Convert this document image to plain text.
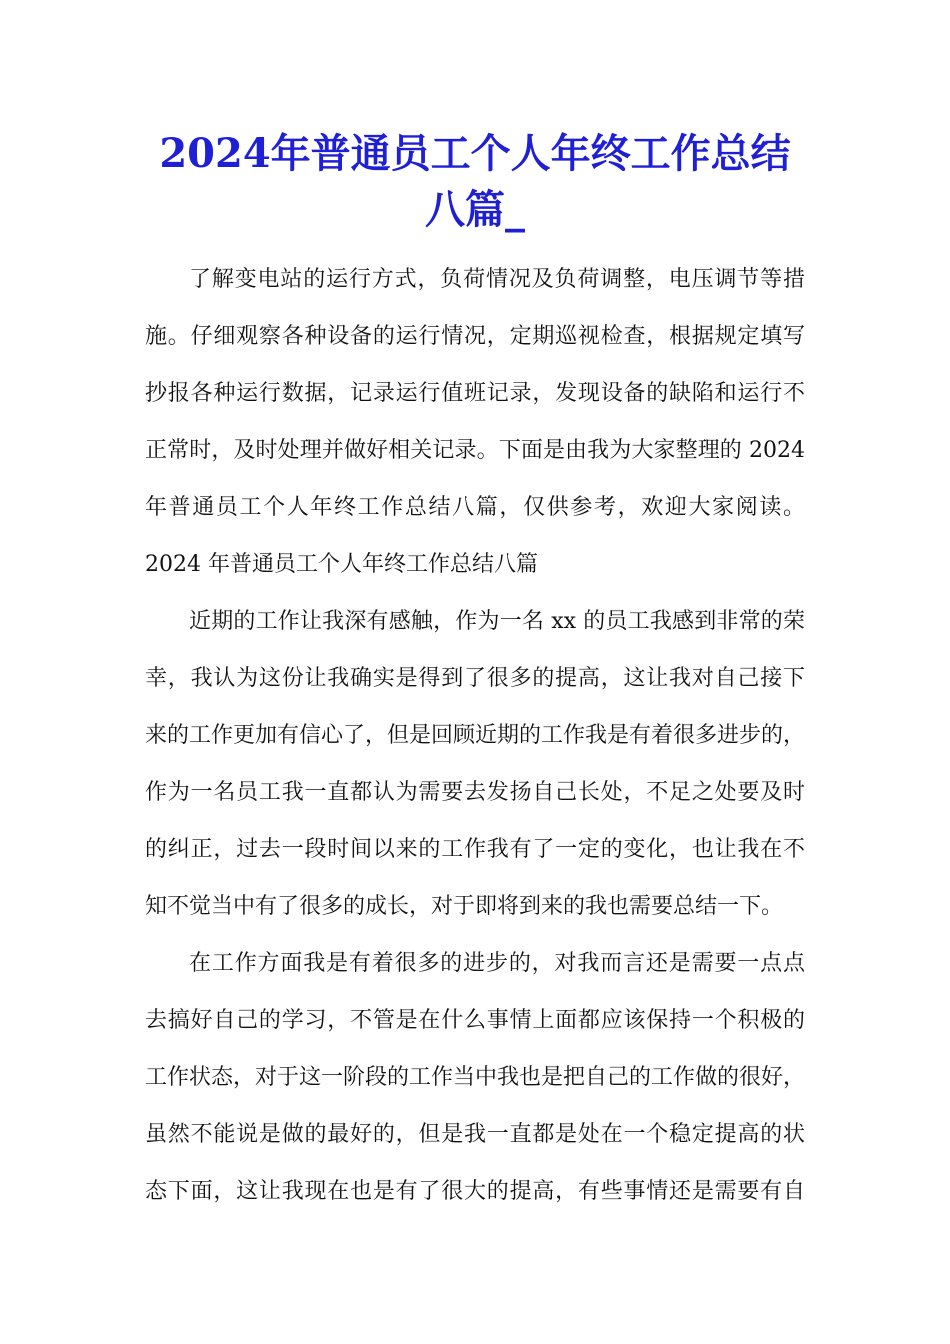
2024年普通员工个人年终工作总结
八篇_

了解变电站的运行方式，负荷情况及负荷调整，电压调节等措

施。仔细观察各种设备的运行情况，定期巡视检查，根据规定填写

抄报各种运行数据，记录运行值班记录，发现设备的缺陷和运行不

正常时，及时处理并做好相关记录。下面是由我为大家整理的 2024

年普通员工个人年终工作总结八篇，仅供参考，欢迎大家阅读。

2024 年普通员工个人年终工作总结八篇

近期的工作让我深有感触，作为一名 xx 的员工我感到非常的荣

幸，我认为这份让我确实是得到了很多的提高，这让我对自己接下

来的工作更加有信心了，但是回顾近期的工作我是有着很多进步的，

作为一名员工我一直都认为需要去发扬自己长处，不足之处要及时

的纠正，过去一段时间以来的工作我有了一定的变化，也让我在不

知不觉当中有了很多的成长，对于即将到来的我也需要总结一下。

在工作方面我是有着很多的进步的，对我而言还是需要一点点

去搞好自己的学习，不管是在什么事情上面都应该保持一个积极的

工作状态，对于这一阶段的工作当中我也是把自己的工作做的很好，

虽然不能说是做的最好的，但是我一直都是处在一个稳定提高的状

态下面，这让我现在也是有了很大的提高，有些事情还是需要有自
